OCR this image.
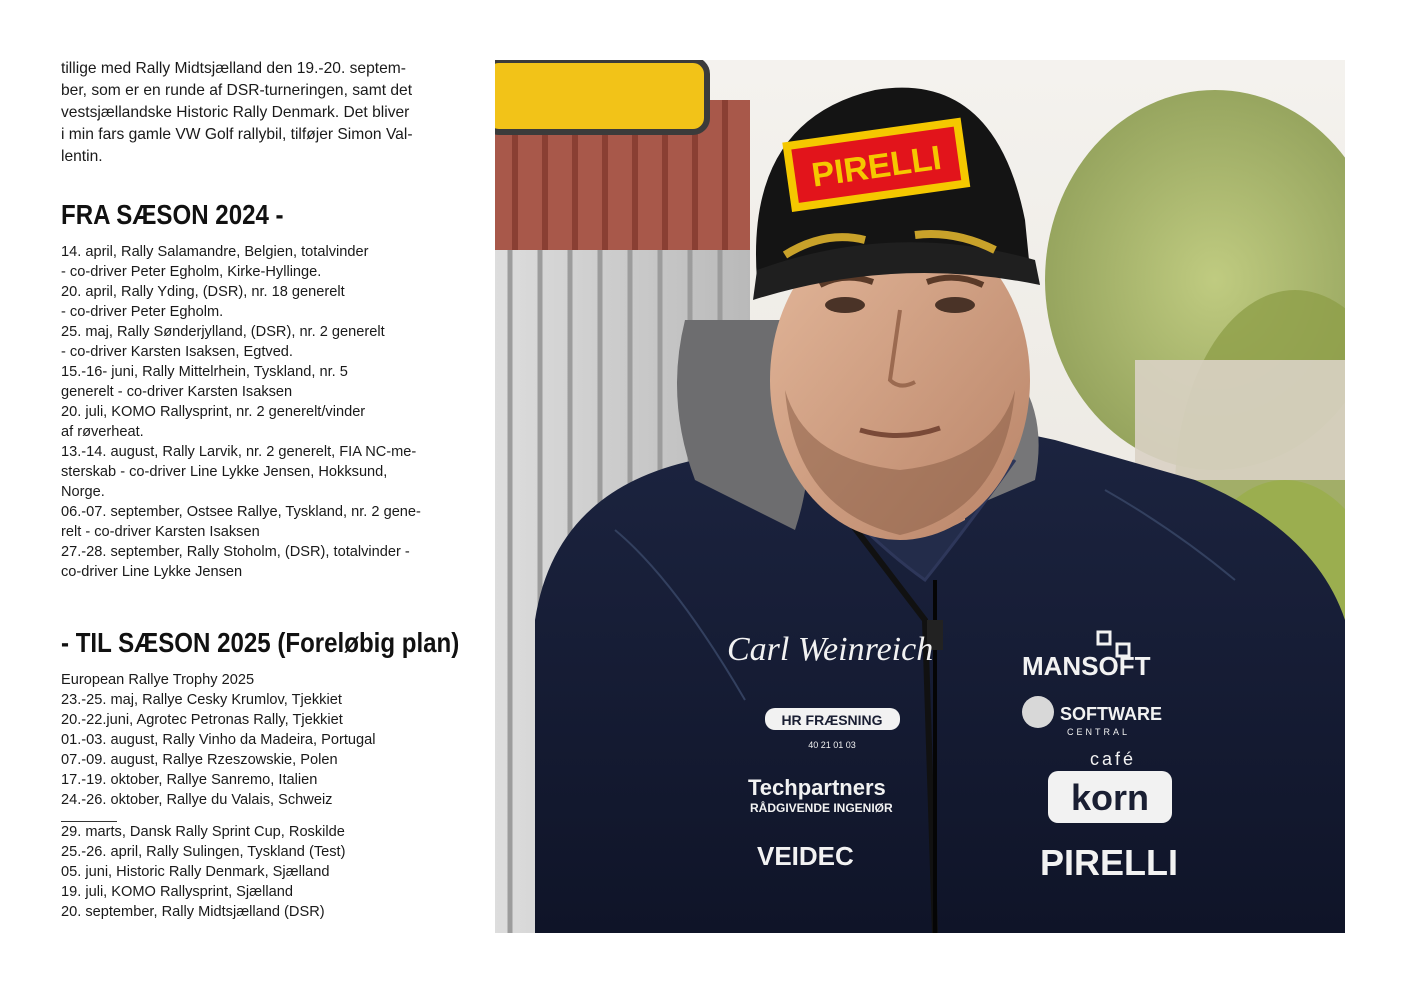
tillige med Rally Midtsjælland den 19.-20. septem-
ber, som er en runde af DSR-turneringen, samt det
vestsjællandske Historic Rally Denmark. Det bliver
i min fars gamle VW Golf rallybil, tilføjer Simon Val-
lentin.

FRA SÆSON 2024 -
14. april, Rally Salamandre, Belgien, totalvinder
- co-driver Peter Egholm, Kirke-Hyllinge.
20. april, Rally Yding, (DSR), nr. 18 generelt
- co-driver Peter Egholm.
25. maj, Rally Sønderjylland, (DSR), nr. 2 generelt
- co-driver Karsten Isaksen, Egtved.
15.-16- juni, Rally Mittelrhein, Tyskland, nr. 5
generelt - co-driver Karsten Isaksen
20. juli, KOMO Rallysprint, nr. 2 generelt/vinder
af røverheat.
13.-14. august, Rally Larvik, nr. 2 generelt, FIA NC-me-
sterskab - co-driver Line Lykke Jensen, Hokksund,
Norge.
06.-07. september, Ostsee Rallye, Tyskland, nr. 2 gene-
relt - co-driver Karsten Isaksen
27.-28. september, Rally Stoholm, (DSR), totalvinder -
co-driver Line Lykke Jensen
- TIL SÆSON 2025 (Foreløbig plan)
European Rallye Trophy 2025
23.-25. maj, Rallye Cesky Krumlov, Tjekkiet
20.-22.juni, Agrotec Petronas Rally, Tjekkiet
01.-03. august, Rally Vinho da Madeira, Portugal
07.-09. august, Rallye Rzeszowskie, Polen
17.-19. oktober, Rallye Sanremo, Italien
24.-26. oktober, Rallye du Valais, Schweiz
29. marts, Dansk Rally Sprint Cup, Roskilde
25.-26. april, Rally Sulingen, Tyskland (Test)
05. juni, Historic Rally Denmark, Sjælland
19. juli, KOMO Rallysprint, Sjælland
20. september, Rally Midtsjælland (DSR)
PIRELLI
Carl Weinreich
HR FRÆSNING
40 21 01 03
Techpartners
RÅDGIVENDE INGENIØR
VEIDEC
MANSOFT
SOFTWARE
CENTRAL
café
korn
PIRELLI
